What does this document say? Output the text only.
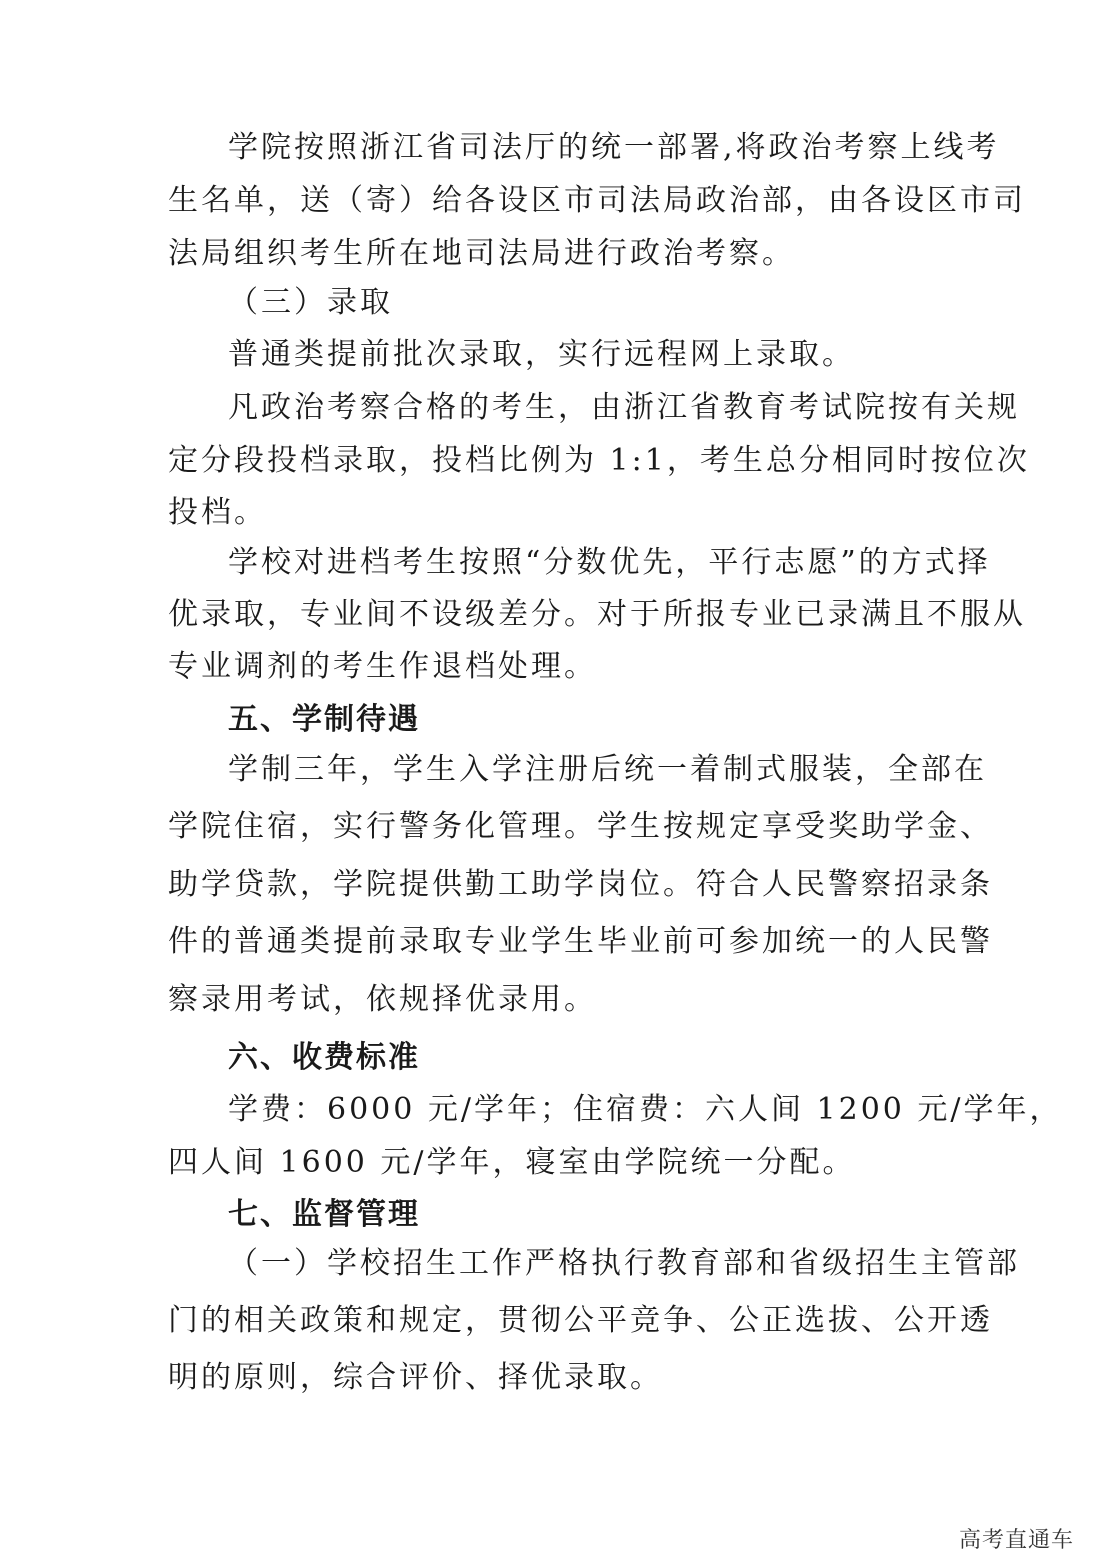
学院按照浙江省司法厅的统一部署,将政治考察上线考
生名单，送（寄）给各设区市司法局政治部，由各设区市司
法局组织考生所在地司法局进行政治考察。
（三）录取
普通类提前批次录取，实行远程网上录取。
凡政治考察合格的考生，由浙江省教育考试院按有关规
定分段投档录取，投档比例为 1:1，考生总分相同时按位次
投档。
学校对进档考生按照“分数优先，平行志愿”的方式择
优录取，专业间不设级差分。对于所报专业已录满且不服从
专业调剂的考生作退档处理。
五、学制待遇
学制三年，学生入学注册后统一着制式服装，全部在
学院住宿，实行警务化管理。学生按规定享受奖助学金、
助学贷款，学院提供勤工助学岗位。符合人民警察招录条
件的普通类提前录取专业学生毕业前可参加统一的人民警
察录用考试，依规择优录用。
六、收费标准
学费：6000 元/学年；住宿费：六人间 1200 元/学年，
四人间 1600 元/学年，寝室由学院统一分配。
七、监督管理
（一）学校招生工作严格执行教育部和省级招生主管部
门的相关政策和规定，贯彻公平竞争、公正选拔、公开透
明的原则，综合评价、择优录取。
高考直通车
